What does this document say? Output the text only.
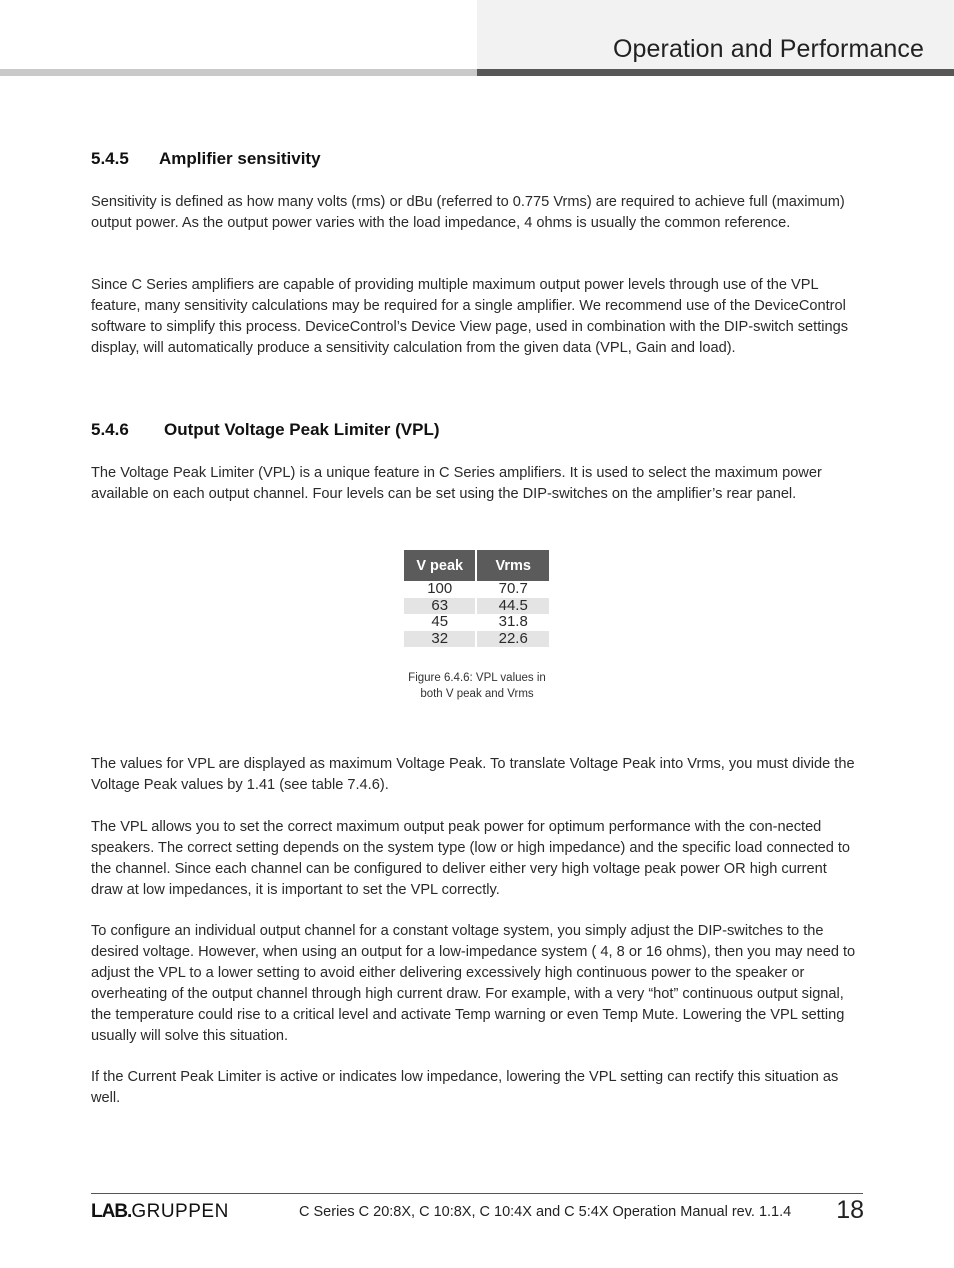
Operation and Performance
5.4.5 Amplifier sensitivity

Sensitivity is defined as how many volts (rms) or dBu (referred to 0.775 Vrms) are required to achieve full (maximum) output power. As the output power varies with the load impedance, 4 ohms is usually the common reference.

Since C Series amplifiers are capable of providing multiple maximum output power levels through use of the VPL feature, many sensitivity calculations may be required for a single amplifier. We recommend use of the DeviceControl software to simplify this process. DeviceControl’s Device View page, used in combination with the DIP-switch settings display, will automatically produce a sensitivity calculation from the given data (VPL, Gain and load).

5.4.6 Output Voltage Peak Limiter (VPL)

The Voltage Peak Limiter (VPL) is a unique feature in C Series amplifiers. It is used to select the maximum power available on each output channel. Four levels can be set using the DIP-switches on the amplifier’s rear panel.

The values for VPL are displayed as maximum Voltage Peak. To translate Voltage Peak into Vrms, you must divide the Voltage Peak values by 1.41 (see table 7.4.6).

The VPL allows you to set the correct maximum output peak power for optimum performance with the con-nected speakers. The correct setting depends on the system type (low or high impedance) and the specific load connected to the channel. Since each channel can be configured to deliver either very high voltage peak power OR high current draw at low impedances, it is important to set the VPL correctly.

To configure an individual output channel for a constant voltage system, you simply adjust the DIP-switches to the desired voltage. However, when using an output for a low-impedance system ( 4, 8 or 16 ohms), then you may need to adjust the VPL to a lower setting to avoid either delivering excessively high continuous power to the speaker or overheating of the output channel through high current draw. For example, with a very “hot” continuous output signal, the temperature could rise to a critical level and activate Temp warning or even Temp Mute. Lowering the VPL setting usually will solve this situation.

If the Current Peak Limiter is active or indicates low impedance, lowering the VPL setting can rectify this situation as well.

V peak	Vrms
100	70.7
63	44.5
45	31.8
32	22.6
Figure 6.4.6: VPL values in both V peak and Vrms
LAB.GRUPPEN	C Series C 20:8X, C 10:8X, C 10:4X and C 5:4X Operation Manual rev. 1.1.4 18
